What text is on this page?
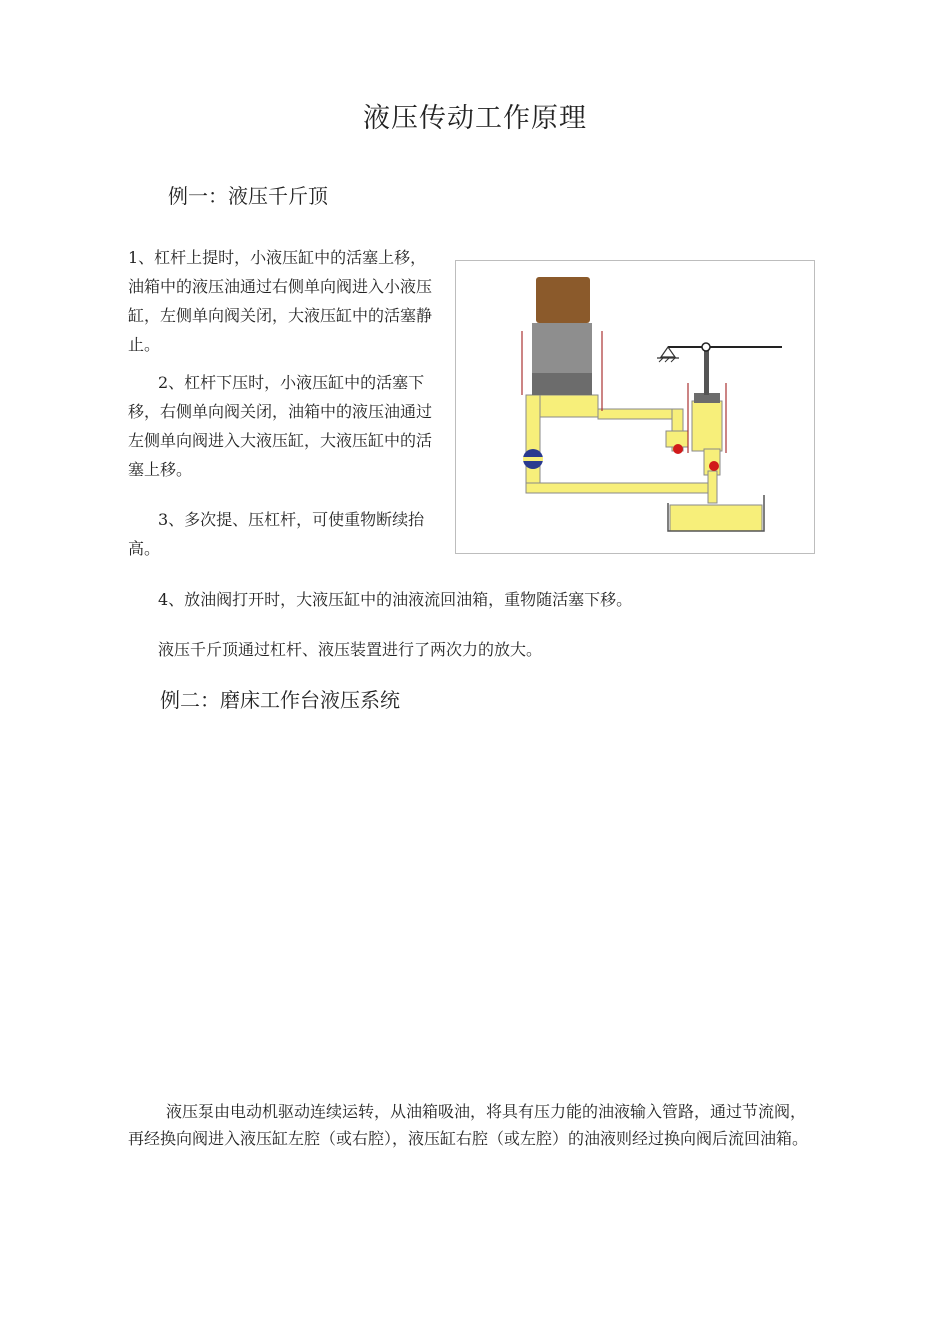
液压传动工作原理
例一：液压千斤顶
1、杠杆上提时，小液压缸中的活塞上移，油箱中的液压油通过右侧单向阀进入小液压缸，左侧单向阀关闭，大液压缸中的活塞静止。
2、杠杆下压时，小液压缸中的活塞下移，右侧单向阀关闭，油箱中的液压油通过左侧单向阀进入大液压缸，大液压缸中的活塞上移。
3、多次提、压杠杆，可使重物断续抬高。
4、放油阀打开时，大液压缸中的油液流回油箱，重物随活塞下移。
液压千斤顶通过杠杆、液压装置进行了两次力的放大。
例二：磨床工作台液压系统
液压泵由电动机驱动连续运转，从油箱吸油，将具有压力能的油液输入管路，通过节流阀，再经换向阀进入液压缸左腔（或右腔），液压缸右腔（或左腔）的油液则经过换向阀后流回油箱。
